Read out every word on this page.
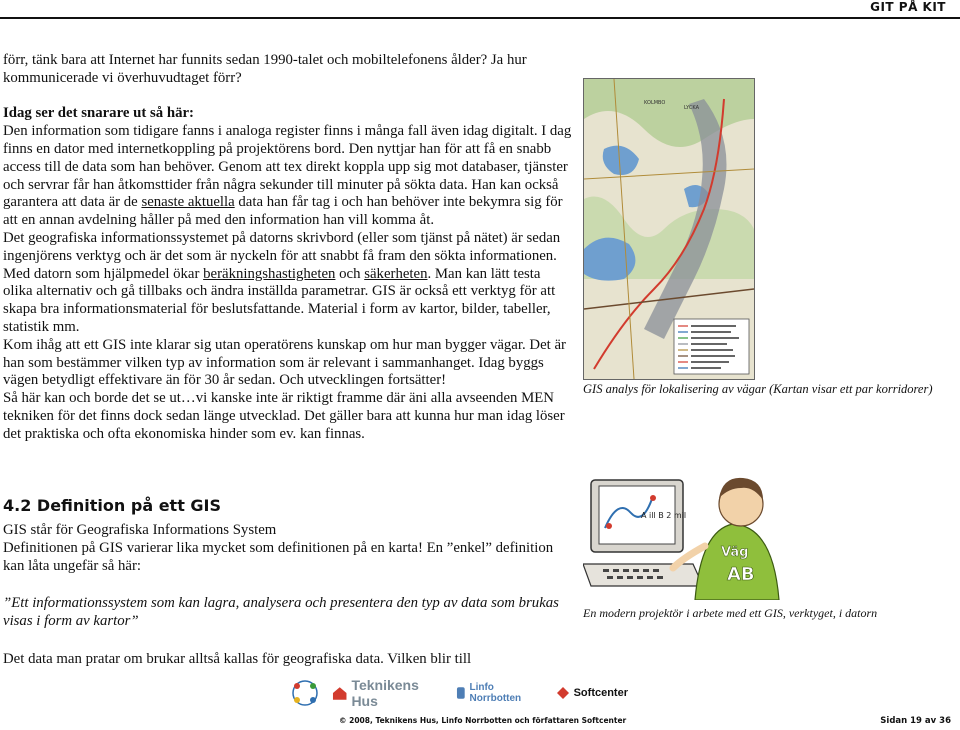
GIT PÅ KIT

förr, tänk bara att Internet har funnits sedan 1990-talet och mobiltelefonens ålder? Ja hur

kommunicerade vi överhuvudtaget förr?

Idag ser det snarare ut så här:

Den information som tidigare fanns i analoga register finns i många fall även idag digitalt. I dag finns en dator med internetkoppling på projektörens bord. Den nyttjar han för att få en snabb access till de data som han behöver. Genom att tex direkt koppla upp sig mot databaser, tjänster och servrar får han åtkomsttider från några sekunder till minuter på sökta data. Han kan också garantera att data är de senaste aktuella data han får tag i och han behöver inte bekymra sig för att en annan avdelning håller på med den information han vill komma åt.

Det geografiska informationssystemet på datorns skrivbord (eller som tjänst på nätet) är sedan ingenjörens verktyg och är det som är nyckeln för att snabbt få fram den sökta informationen. Med datorn som hjälpmedel ökar beräkningshastigheten och säkerheten. Man kan lätt testa olika alternativ och gå tillbaks och ändra inställda parametrar. GIS är också ett verktyg för att skapa bra informationsmaterial för beslutsfattande. Material i form av kartor, bilder, tabeller, statistik mm.

Kom ihåg att ett GIS inte klarar sig utan operatörens kunskap om hur man bygger vägar. Det är han som bestämmer vilken typ av information som är relevant i sammanhanget. Idag byggs vägen betydligt effektivare än för 30 år sedan. Och utvecklingen fortsätter!

Så här kan och borde det se ut…vi kanske inte är riktigt framme där äni alla avseenden MEN tekniken för det finns dock sedan länge utvecklad. Det gäller bara att kunna hur man idag löser det praktiska och ofta ekonomiska hinder som ev. kan finnas.

4.2 Definition på ett GIS

GIS står för Geografiska Informations System

Definitionen på GIS varierar lika mycket som definitionen på en karta! En ”enkel” definition kan låta ungefär så här:

”Ett informationssystem som kan lagra, analysera och presentera den typ av data som brukas visas i form av kartor”

Det data man pratar om brukar alltså kallas för geografiska data. Vilken blir till

KOLMBO
LYCKA
GIS analys för lokalisering av vägar (Kartan visar ett par korridorer)
A ill B 2 mil
Väg
AB
En modern projektör i arbete med ett GIS, verktyget, i datorn
Teknikens Hus
Linfo Norrbotten	Softcenter
© 2008, Teknikens Hus, Linfo Norrbotten och författaren Softcenter	Sidan 19 av 36
